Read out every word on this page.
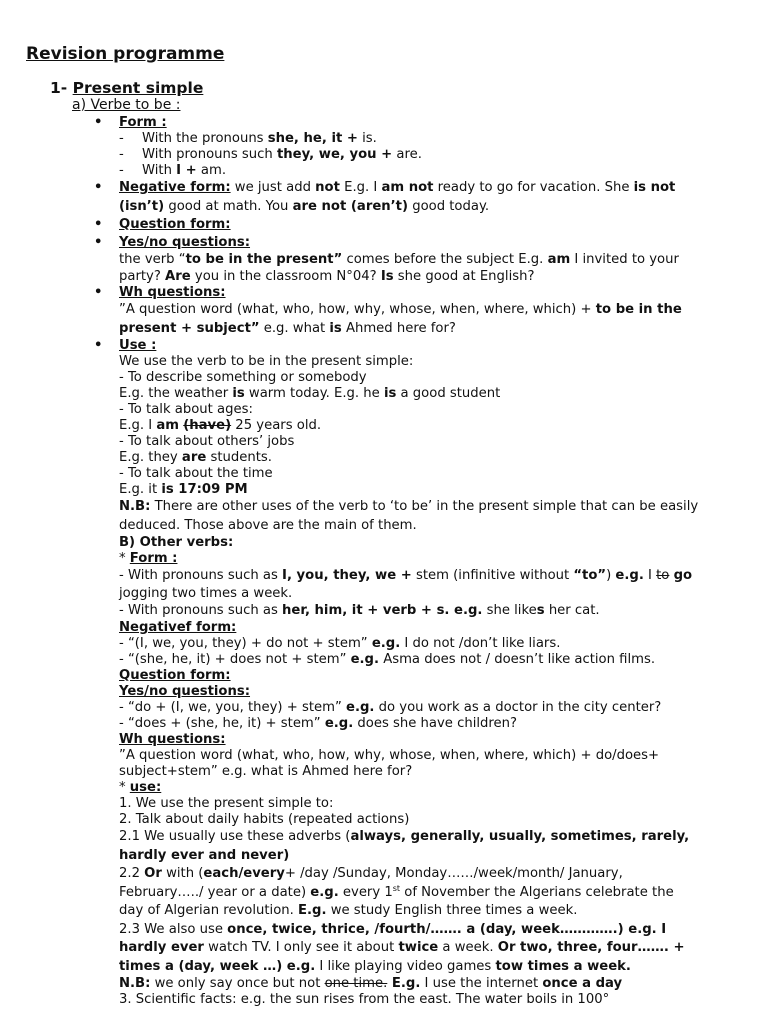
Revision programme
1- Present simple
a) Verbe to be :
• Form :
- With the pronouns she, he, it + is.
- With pronouns such they, we, you + are.
- With I + am.
• Negative form: we just add not E.g. I am not ready to go for vacation. She is not
(isn’t) good at math. You are not (aren’t) good today.
• Question form:
• Yes/no questions:
the verb “to be in the present” comes before the subject E.g. am I invited to your
party? Are you in the classroom N°04? Is she good at English?
• Wh questions:
”A question word (what, who, how, why, whose, when, where, which) + to be in the
present + subject” e.g. what is Ahmed here for?
• Use :
We use the verb to be in the present simple:
- To describe something or somebody
E.g. the weather is warm today. E.g. he is a good student
- To talk about ages:
E.g. I am (have) 25 years old.
- To talk about others’ jobs
E.g. they are students.
- To talk about the time
E.g. it is 17:09 PM
N.B: There are other uses of the verb to ‘to be’ in the present simple that can be easily
deduced. Those above are the main of them.
B) Other verbs:
* Form :
- With pronouns such as I, you, they, we + stem (infinitive without “to”) e.g. I to go
jogging two times a week.
- With pronouns such as her, him, it + verb + s. e.g. she likes her cat.
Negativef form:
- “(I, we, you, they) + do not + stem” e.g. I do not /don’t like liars.
- “(she, he, it) + does not + stem” e.g. Asma does not / doesn’t like action films.
Question form:
Yes/no questions:
- “do + (I, we, you, they) + stem” e.g. do you work as a doctor in the city center?
- “does + (she, he, it) + stem” e.g. does she have children?
Wh questions:
”A question word (what, who, how, why, whose, when, where, which) + do/does+
subject+stem” e.g. what is Ahmed here for?
* use:
1. We use the present simple to:
2. Talk about daily habits (repeated actions)
2.1 We usually use these adverbs (always, generally, usually, sometimes, rarely,
hardly ever and never)
2.2 Or with (each/every+ /day /Sunday, Monday……/week/month/ January,
February…../ year or a date) e.g. every 1st of November the Algerians celebrate the
day of Algerian revolution. E.g. we study English three times a week.
2.3 We also use once, twice, thrice, /fourth/……. a (day, week………….) e.g. I
hardly ever watch TV. I only see it about twice a week. Or two, three, four……. +
times a (day, week …) e.g. I like playing video games tow times a week.
N.B: we only say once but not one time. E.g. I use the internet once a day
3. Scientific facts: e.g. the sun rises from the east. The water boils in 100°
